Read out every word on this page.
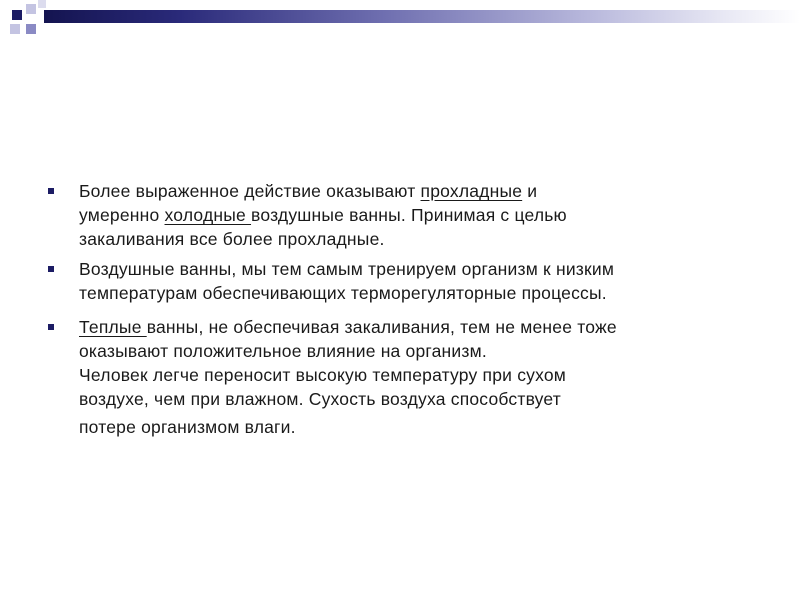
Более выраженное действие оказывают прохладные и
умеренно холодные воздушные ванны. Принимая с целью
закаливания все более прохладные.
Воздушные ванны, мы тем самым тренируем организм к низким
температурам обеспечивающих терморегуляторные процессы.
Теплые ванны, не обеспечивая закаливания, тем не менее тоже
оказывают положительное влияние на организм.
Человек легче переносит высокую температуру при сухом
воздухе, чем при влажном. Сухость воздуха способствует
потере организмом влаги.
